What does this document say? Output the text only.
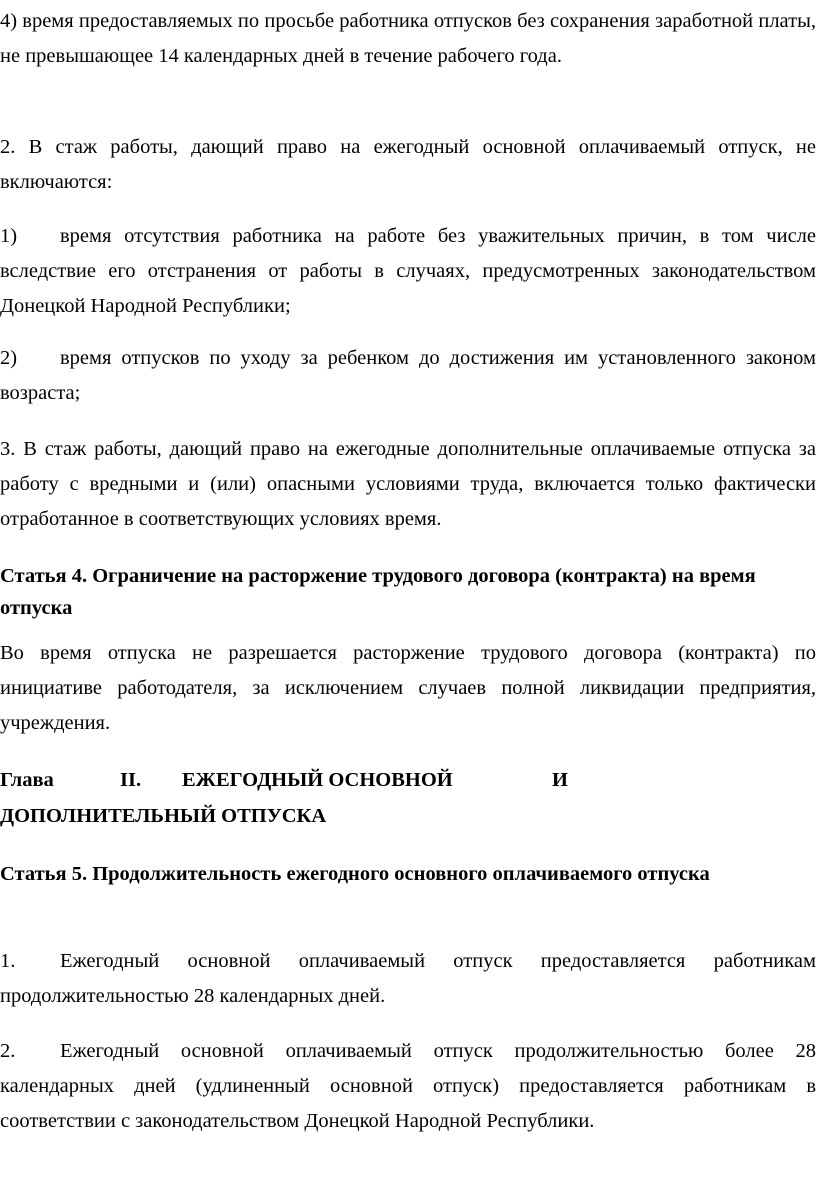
4) время предоставляемых по просьбе работника отпусков без сохранения заработной платы, не превышающее 14 календарных дней в течение рабочего года.
2. В стаж работы, дающий право на ежегодный основной оплачиваемый отпуск, не включаются:
1) время отсутствия работника на работе без уважительных причин, в том числе вследствие его отстранения от работы в случаях, предусмотренных законодательством Донецкой Народной Республики;
2) время отпусков по уходу за ребенком до достижения им установленного законом возраста;
3. В стаж работы, дающий право на ежегодные дополнительные оплачиваемые отпуска за работу с вредными и (или) опасными условиями труда, включается только фактически отработанное в соответствующих условиях время.
Статья 4. Ограничение на расторжение трудового договора (контракта) на время отпуска
Во время отпуска не разрешается расторжение трудового договора (контракта) по инициативе работодателя, за исключением случаев полной ликвидации предприятия, учреждения.
Глава	II. ЕЖЕГОДНЫЙ ОСНОВНОЙ	И
ДОПОЛНИТЕЛЬНЫЙ ОТПУСКА
Статья 5. Продолжительность ежегодного основного оплачиваемого отпуска
1. Ежегодный основной оплачиваемый отпуск предоставляется работникам продолжительностью 28 календарных дней.
2. Ежегодный основной оплачиваемый отпуск продолжительностью более 28 календарных дней (удлиненный основной отпуск) предоставляется работникам в соответствии с законодательством Донецкой Народной Республики.
